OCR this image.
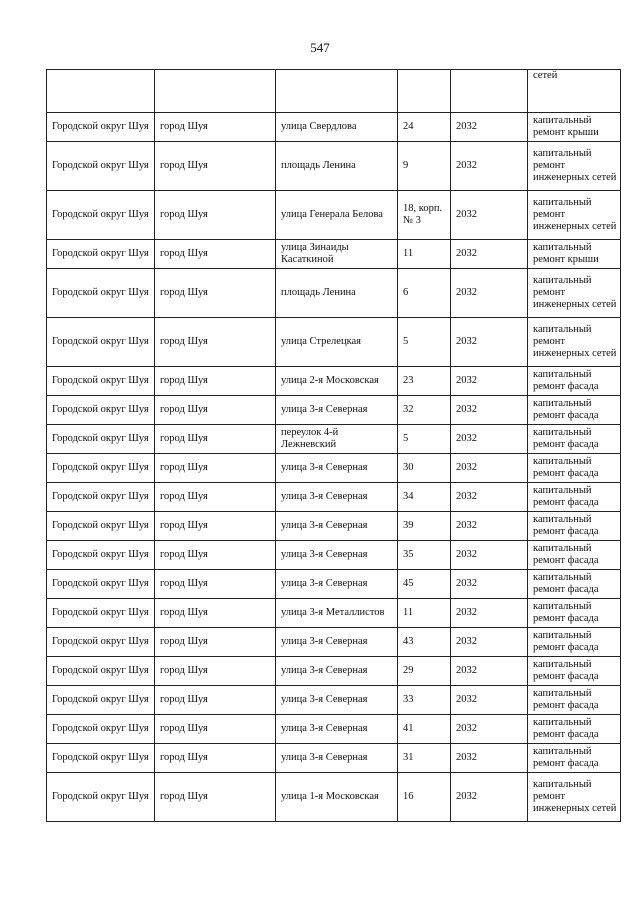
547
					сетей
Городской округ Шуя	город Шуя	улица Свердлова	24	2032	капитальный ремонт крыши
Городской округ Шуя	город Шуя	площадь Ленина	9	2032	капитальный ремонт инженерных сетей
Городской округ Шуя	город Шуя	улица Генерала Белова	18, корп. № 3	2032	капитальный ремонт инженерных сетей
Городской округ Шуя	город Шуя	улица Зинаиды Касаткиной	11	2032	капитальный ремонт крыши
Городской округ Шуя	город Шуя	площадь Ленина	6	2032	капитальный ремонт инженерных сетей
Городской округ Шуя	город Шуя	улица Стрелецкая	5	2032	капитальный ремонт инженерных сетей
Городской округ Шуя	город Шуя	улица 2-я Московская	23	2032	капитальный ремонт фасада
Городской округ Шуя	город Шуя	улица 3-я Северная	32	2032	капитальный ремонт фасада
Городской округ Шуя	город Шуя	переулок 4-й Лежневский	5	2032	капитальный ремонт фасада
Городской округ Шуя	город Шуя	улица 3-я Северная	30	2032	капитальный ремонт фасада
Городской округ Шуя	город Шуя	улица 3-я Северная	34	2032	капитальный ремонт фасада
Городской округ Шуя	город Шуя	улица 3-я Северная	39	2032	капитальный ремонт фасада
Городской округ Шуя	город Шуя	улица 3-я Северная	35	2032	капитальный ремонт фасада
Городской округ Шуя	город Шуя	улица 3-я Северная	45	2032	капитальный ремонт фасада
Городской округ Шуя	город Шуя	улица 3-я Металлистов	11	2032	капитальный ремонт фасада
Городской округ Шуя	город Шуя	улица 3-я Северная	43	2032	капитальный ремонт фасада
Городской округ Шуя	город Шуя	улица 3-я Северная	29	2032	капитальный ремонт фасада
Городской округ Шуя	город Шуя	улица 3-я Северная	33	2032	капитальный ремонт фасада
Городской округ Шуя	город Шуя	улица 3-я Северная	41	2032	капитальный ремонт фасада
Городской округ Шуя	город Шуя	улица 3-я Северная	31	2032	капитальный ремонт фасада
Городской округ Шуя	город Шуя	улица 1-я Московская	16	2032	капитальный ремонт инженерных сетей
